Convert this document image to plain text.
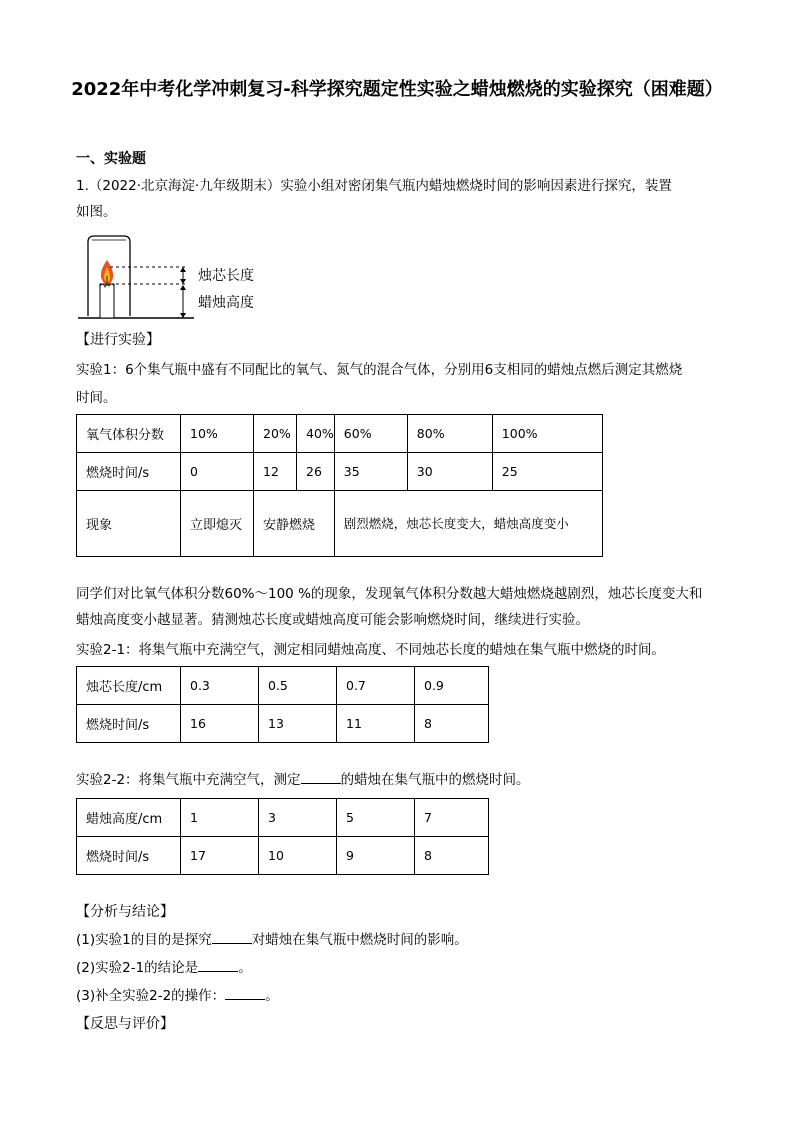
2022年中考化学冲刺复习-科学探究题定性实验之蜡烛燃烧的实验探究（困难题）
一、实验题
1.（2022·北京海淀·九年级期末）实验小组对密闭集气瓶内蜡烛燃烧时间的影响因素进行探究，装置
如图。
烛芯长度
蜡烛高度
【进行实验】
实验1：6个集气瓶中盛有不同配比的氧气、氮气的混合气体，分别用6支相同的蜡烛点燃后测定其燃烧
时间。
氧气体积分数	10%	20%	40%	60%	80%	100%
燃烧时间/s	0	12	26	35	30	25
现象	立即熄灭	安静燃烧		剧烈燃烧，烛芯长度变大，蜡烛高度变小		
同学们对比氧气体积分数60%～100 %的现象，发现氧气体积分数越大蜡烛燃烧越剧烈，烛芯长度变大和
蜡烛高度变小越显著。猜测烛芯长度或蜡烛高度可能会影响燃烧时间，继续进行实验。
实验2-1：将集气瓶中充满空气，测定相同蜡烛高度、不同烛芯长度的蜡烛在集气瓶中燃烧的时间。
烛芯长度/cm	0.3	0.5	0.7	0.9
燃烧时间/s	16	13	11	8
实验2-2：将集气瓶中充满空气，测定	的蜡烛在集气瓶中的燃烧时间。
蜡烛高度/cm	1	3	5	7
燃烧时间/s	17	10	9	8
【分析与结论】
(1)实验1的目的是探究	对蜡烛在集气瓶中燃烧时间的影响。
(2)实验2-1的结论是	。
(3)补全实验2-2的操作：	。
【反思与评价】
